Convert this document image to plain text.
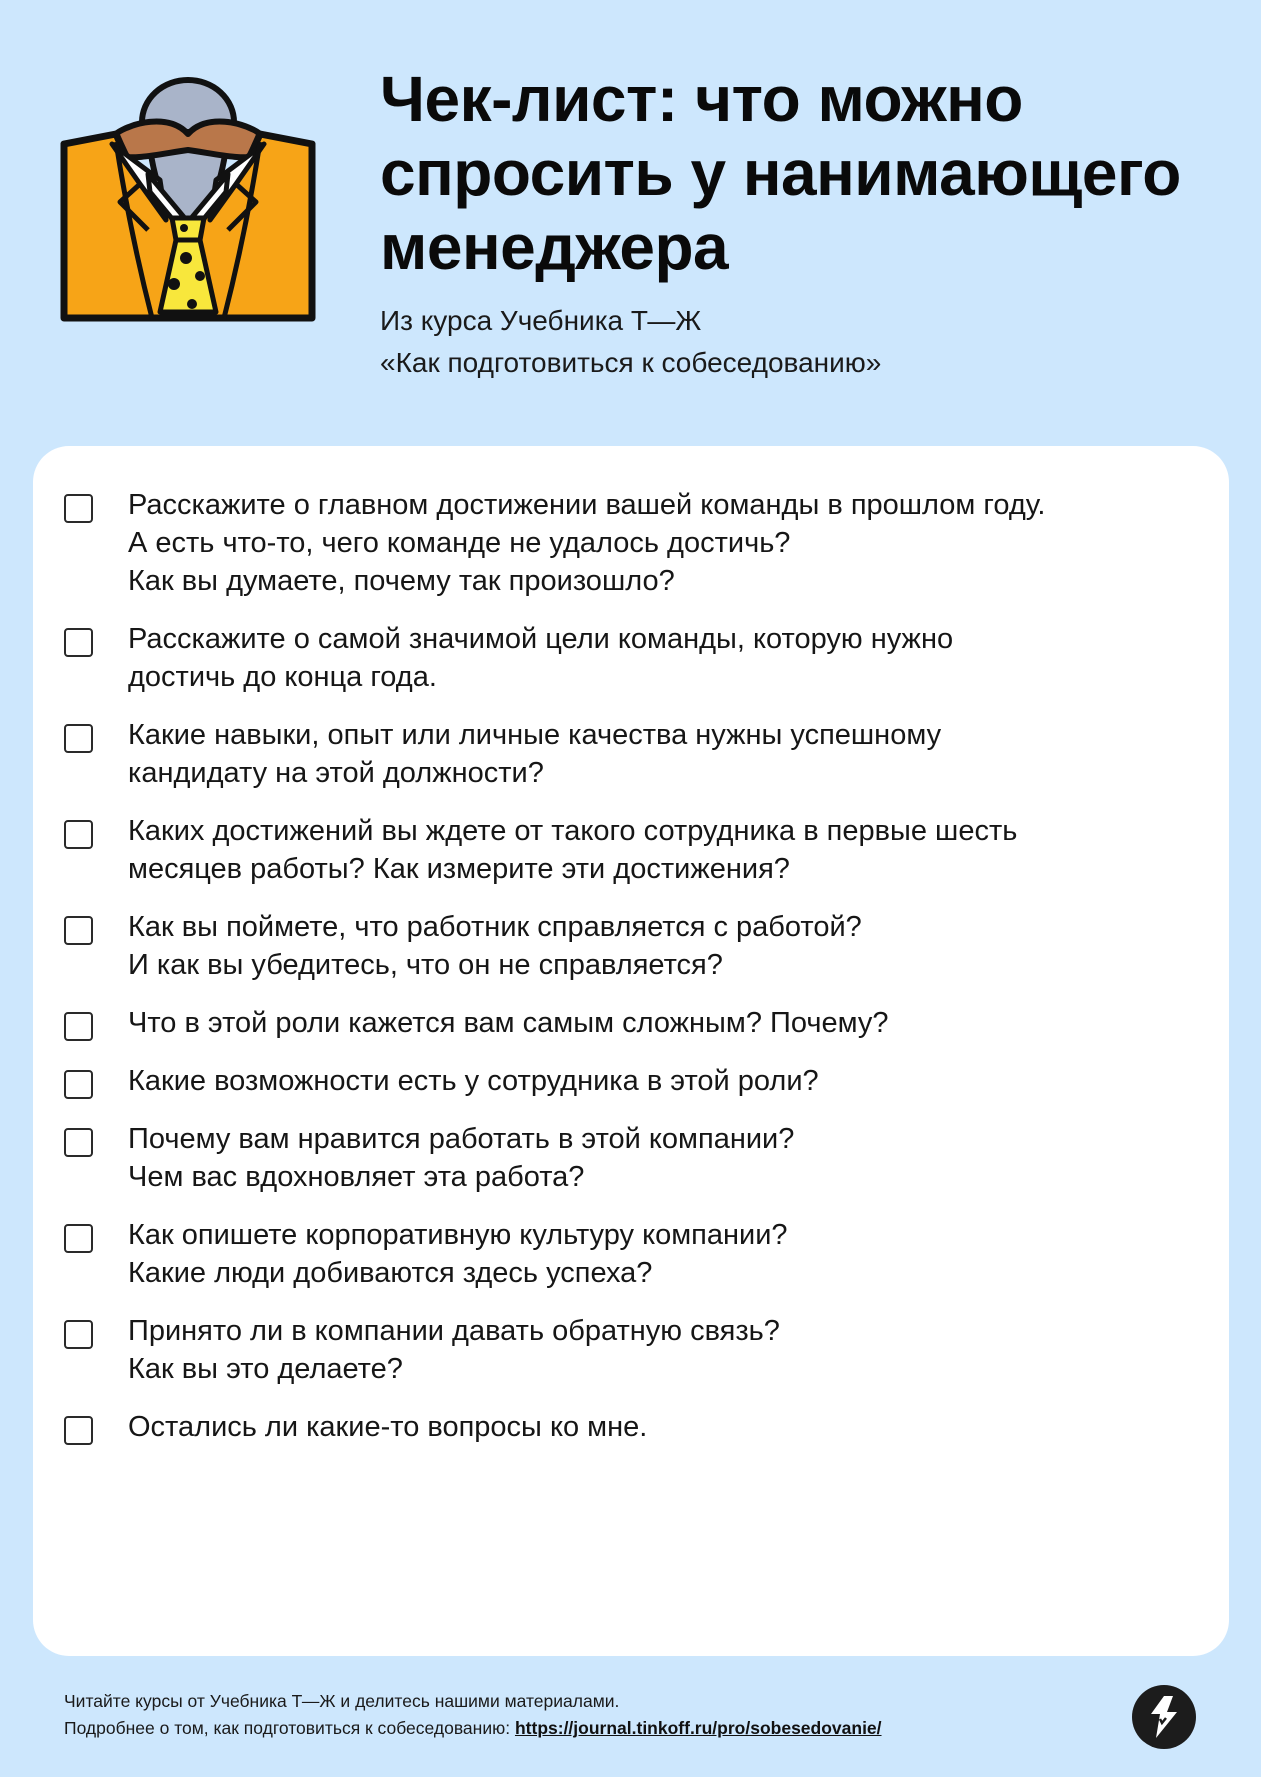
Чек-лист: что можно спросить у нанимающего менеджера
Из курса Учебника Т—Ж
«Как подготовиться к собеседованию»
Расскажите о главном достижении вашей команды в прошлом году.
А есть что-то, чего команде не удалось достичь?
Как вы думаете, почему так произошло?
Расскажите о самой значимой цели команды, которую нужно
достичь до конца года.
Какие навыки, опыт или личные качества нужны успешному
кандидату на этой должности?
Каких достижений вы ждете от такого сотрудника в первые шесть
месяцев работы? Как измерите эти достижения?
Как вы поймете, что работник справляется с работой?
И как вы убедитесь, что он не справляется?
Что в этой роли кажется вам самым сложным? Почему?
Какие возможности есть у сотрудника в этой роли?
Почему вам нравится работать в этой компании?
Чем вас вдохновляет эта работа?
Как опишете корпоративную культуру компании?
Какие люди добиваются здесь успеха?
Принято ли в компании давать обратную связь?
Как вы это делаете?
Остались ли какие-то вопросы ко мне.
Читайте курсы от Учебника Т—Ж и делитесь нашими материалами.
Подробнее о том, как подготовиться к собеседованию: https://journal.tinkoff.ru/pro/sobesedovanie/
